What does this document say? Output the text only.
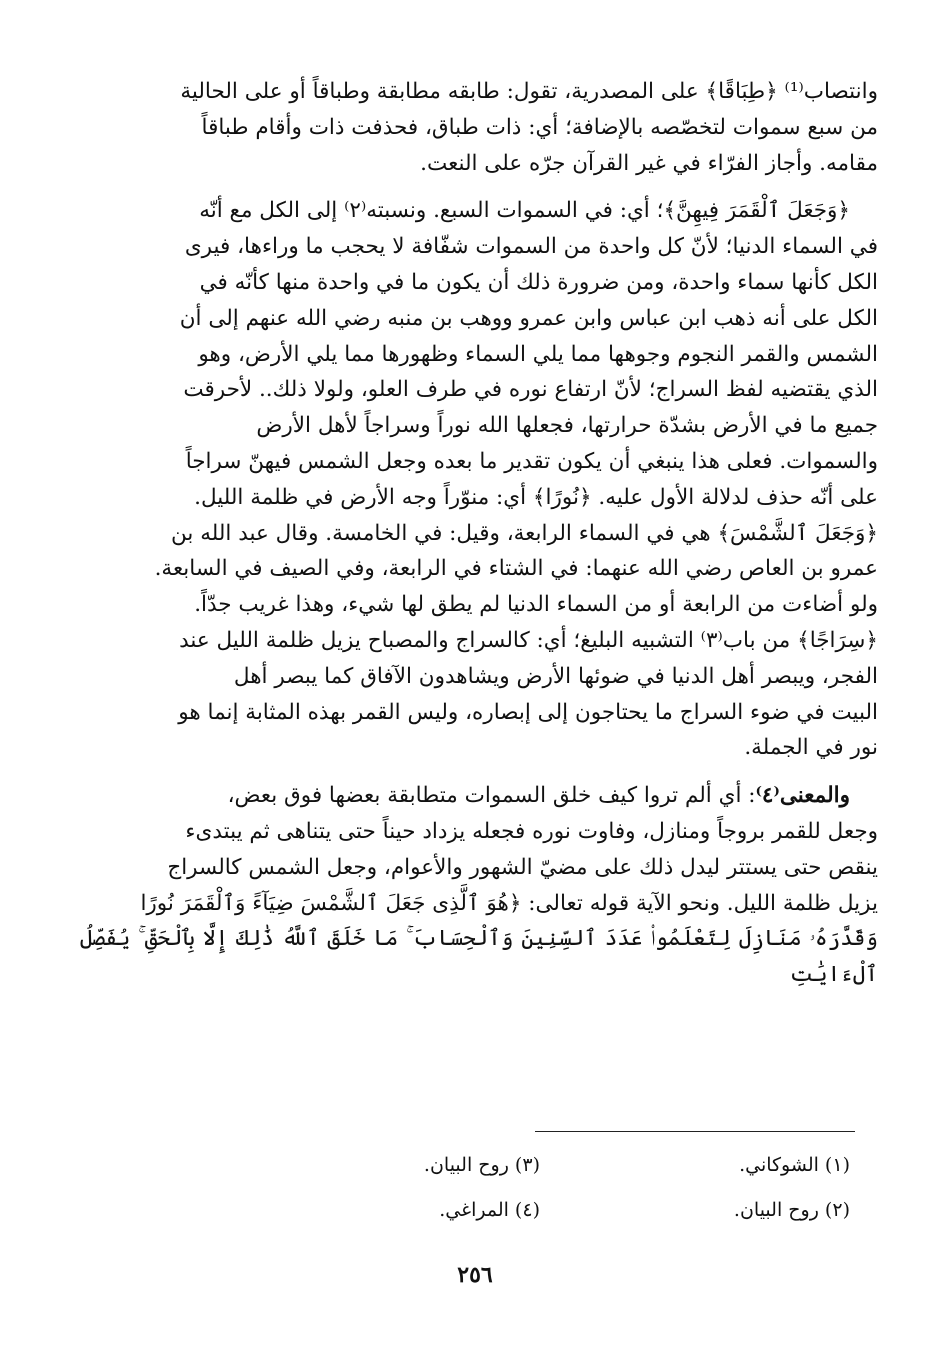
وانتصاب⁽¹⁾ ﴿طِبَاقًا﴾ على المصدرية، تقول: طابقه مطابقة وطباقاً أو على الحالية
من سبع سموات لتخصّصه بالإضافة؛ أي: ذات طباق، فحذفت ذات وأقام طباقاً
مقامه. وأجاز الفرّاء في غير القرآن جرّه على النعت.
﴿وَجَعَلَ ٱلْقَمَرَ فِيهِنَّ﴾؛ أي: في السموات السبع. ونسبته⁽٢⁾ إلى الكل مع أنّه
في السماء الدنيا؛ لأنّ كل واحدة من السموات شفّافة لا يحجب ما وراءها، فيرى
الكل كأنها سماء واحدة، ومن ضرورة ذلك أن يكون ما في واحدة منها كأنّه في
الكل على أنه ذهب ابن عباس وابن عمرو ووهب بن منبه رضي الله عنهم إلى أن
الشمس والقمر النجوم وجوهها مما يلي السماء وظهورها مما يلي الأرض، وهو
الذي يقتضيه لفظ السراج؛ لأنّ ارتفاع نوره في طرف العلو، ولولا ذلك.. لأحرقت
جميع ما في الأرض بشدّة حرارتها، فجعلها الله نوراً وسراجاً لأهل الأرض
والسموات. فعلى هذا ينبغي أن يكون تقدير ما بعده وجعل الشمس فيهنّ سراجاً
على أنّه حذف لدلالة الأول عليه. ﴿نُورًا﴾ أي: منوّراً وجه الأرض في ظلمة الليل.
﴿وَجَعَلَ ٱلشَّمْسَ﴾ هي في السماء الرابعة، وقيل: في الخامسة. وقال عبد الله بن
عمرو بن العاص رضي الله عنهما: في الشتاء في الرابعة، وفي الصيف في السابعة.
ولو أضاءت من الرابعة أو من السماء الدنيا لم يطق لها شيء، وهذا غريب جدّاً.
﴿سِرَاجًا﴾ من باب⁽٣⁾ التشبيه البليغ؛ أي: كالسراج والمصباح يزيل ظلمة الليل عند
الفجر، ويبصر أهل الدنيا في ضوئها الأرض ويشاهدون الآفاق كما يبصر أهل
البيت في ضوء السراج ما يحتاجون إلى إبصاره، وليس القمر بهذه المثابة إنما هو
نور في الجملة.
والمعنى⁽٤⁾: أي ألم تروا كيف خلق السموات متطابقة بعضها فوق بعض،
وجعل للقمر بروجاً ومنازل، وفاوت نوره فجعله يزداد حيناً حتى يتناهى ثم يبتدىء
ينقص حتى يستتر ليدل ذلك على مضيّ الشهور والأعوام، وجعل الشمس كالسراج
يزيل ظلمة الليل. ونحو الآية قوله تعالى: ﴿هُوَ ٱلَّذِى جَعَلَ ٱلشَّمْسَ ضِيَآءً وَٱلْقَمَرَ نُورًا
وَقَدَّرَهُۥ مَنَازِلَ لِتَعْلَمُوا۟ عَدَدَ ٱلسِّنِينَ وَٱلْحِسَابَ ۚ مَا خَلَقَ ٱللَّهُ ذَٰلِكَ إِلَّا بِٱلْحَقِّ ۚ يُفَصِّلُ ٱلْءَايَٰتِ
(١) الشوكاني.
(٣) روح البيان.
(٢) روح البيان.
(٤) المراغي.
٢٥٦
